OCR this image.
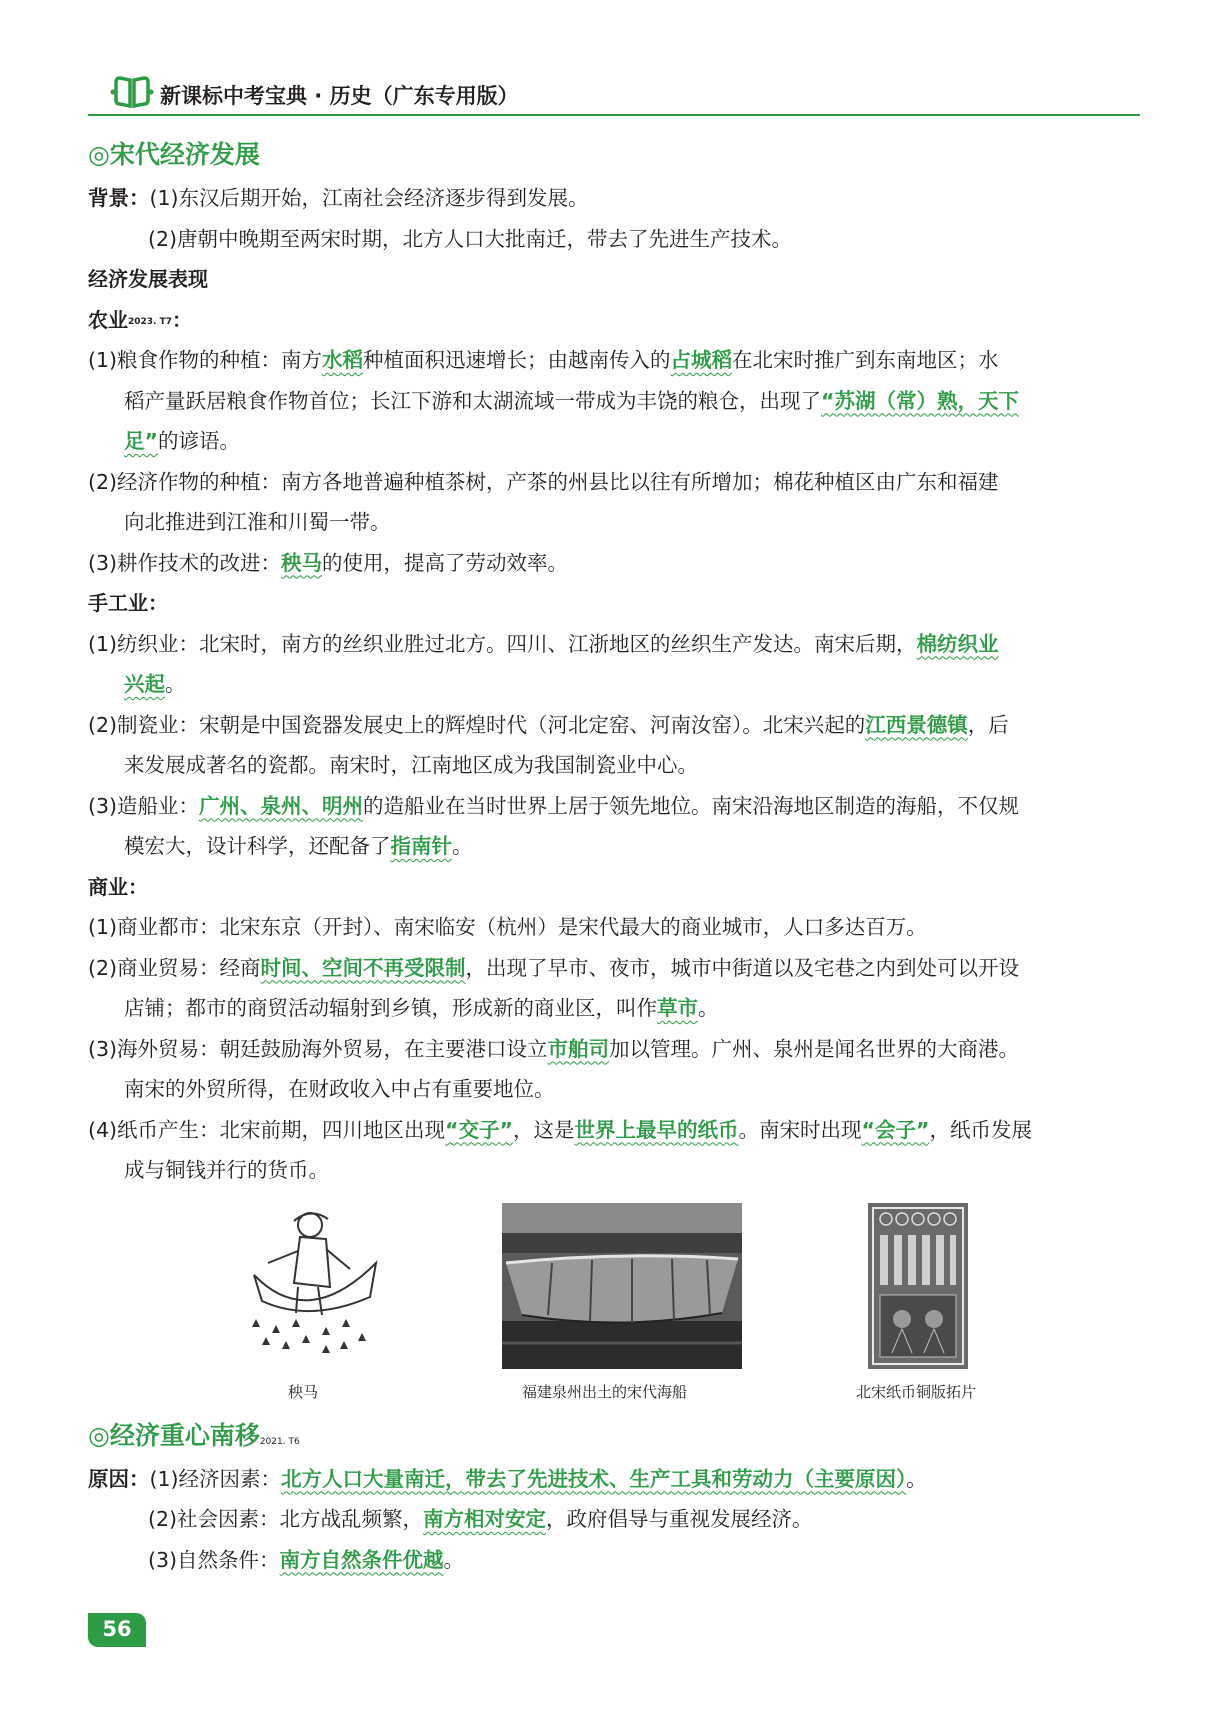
新课标中考宝典 · 历史（广东专用版）
◎宋代经济发展
背景：(1)东汉后期开始，江南社会经济逐步得到发展。
(2)唐朝中晚期至两宋时期，北方人口大批南迁，带去了先进生产技术。
经济发展表现
农业$^{2023. T7}$：
(1)粮食作物的种植：南方水稻种植面积迅速增长；由越南传入的占城稻在北宋时推广到东南地区；水
稻产量跃居粮食作物首位；长江下游和太湖流域一带成为丰饶的粮仓，出现了“苏湖（常）熟，天下
足”的谚语。
(2)经济作物的种植：南方各地普遍种植茶树，产茶的州县比以往有所增加；棉花种植区由广东和福建
向北推进到江淮和川蜀一带。
(3)耕作技术的改进：秧马的使用，提高了劳动效率。
手工业：
(1)纺织业：北宋时，南方的丝织业胜过北方。四川、江浙地区的丝织生产发达。南宋后期，棉纺织业
兴起。
(2)制瓷业：宋朝是中国瓷器发展史上的辉煌时代（河北定窑、河南汝窑）。北宋兴起的江西景德镇，后
来发展成著名的瓷都。南宋时，江南地区成为我国制瓷业中心。
(3)造船业：广州、泉州、明州的造船业在当时世界上居于领先地位。南宋沿海地区制造的海船，不仅规
模宏大，设计科学，还配备了指南针。
商业：
(1)商业都市：北宋东京（开封）、南宋临安（杭州）是宋代最大的商业城市，人口多达百万。
(2)商业贸易：经商时间、空间不再受限制，出现了早市、夜市，城市中街道以及宅巷之内到处可以开设
店铺；都市的商贸活动辐射到乡镇，形成新的商业区，叫作草市。
(3)海外贸易：朝廷鼓励海外贸易，在主要港口设立市舶司加以管理。广州、泉州是闻名世界的大商港。
南宋的外贸所得，在财政收入中占有重要地位。
(4)纸币产生：北宋前期，四川地区出现“交子”，这是世界上最早的纸币。南宋时出现“会子”，纸币发展
成与铜钱并行的货币。
秧马	福建泉州出土的宋代海船	北宋纸币铜版拓片
◎经济重心南移$^{2021. T6}$
原因：(1)经济因素：北方人口大量南迁，带去了先进技术、生产工具和劳动力（主要原因）。
(2)社会因素：北方战乱频繁，南方相对安定，政府倡导与重视发展经济。
(3)自然条件：南方自然条件优越。
56
